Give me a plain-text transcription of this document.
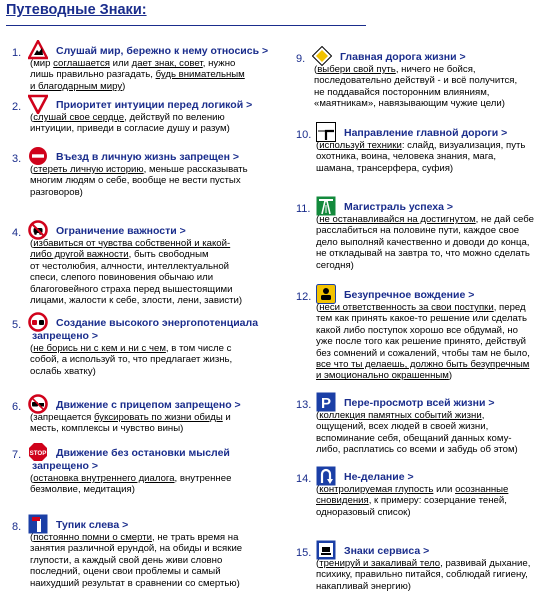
Путеводные Знаки:
1.	Слушай мир, бережно к нему относись >
(мир соглашается или дает знак, совет, нужно
лишь правильно разгадать, будь внимательным
и благодарным миру)
2.	Приоритет интуиции перед логикой >
(слушай свое сердце, действуй по велению
интуиции, приведи в согласие душу и разум)
3.	Въезд в личную жизнь запрещен >
(стереть личную историю, меньше рассказывать
многим людям о себе, вообще не вести пустых
разговоров)
4.	Ограничение важности >
(избавиться от чувства собственной и какой-
либо другой важности, быть свободным
от честолюбия, алчности, интеллектуальной
спеси, слепого повиновения обычаю или
благоговейного страха перед вышестоящими
лицами, жалости к себе, злости, лени, зависти)
5.	Создание высокого энергопотенциала
запрещено >
(не борись ни с кем и ни с чем, в том числе с
собой, а используй то, что предлагает жизнь,
ослабь хватку)
6.	Движение с прицепом запрещено >
(запрещается буксировать по жизни обиды и
месть, комплексы и чувство вины)
7. STOP Движение без остановки мыслей
запрещено >
(остановка внутреннего диалога, внутреннее
безмолвие, медитация)
8.	Тупик слева >
(постоянно помни о смерти, не трать время на
занятия различной ерундой, на обиды и всякие
глупости, а каждый свой день живи словно
последний, оцени свои проблемы и самый
наихудший результат в сравнении со смертью)
9.	Главная дорога жизни >
(выбери свой путь, ничего не бойся,
последовательно действуй - и всё получится,
не поддавайся посторонним влияниям,
«маятникам», навязывающим чужие цели)
10.	Направление главной дороги >
(используй техники: слайд, визуализация, путь
охотника, воина, человека знания, мага,
шамана, трансерферa, суфия)
11.	Магистраль успеха >
(не останавливайся на достигнутом, не дай себе
расслабиться на половине пути, каждое свое
дело выполняй качественно и доводи до конца,
не откладывай на завтра то, что можно сделать
сегодня)
12.	Безупречное вождение >
(неси ответственность за свои поступки, перед
тем как принять какое-то решение или сделать
какой либо поступок хорошо все обдумай, но
уже после того как решение принято, действуй
без сомнений и сожалений, чтобы там не было,
все что ты делаешь, должно быть безупречным
и эмоционально окрашенным)
13. P Пере-просмотр всей жизни >
(коллекция памятных событий жизни,
ощущений, всех людей в своей жизни,
вспоминание себя, обещаний данных кому-
либо, расплатись со всеми и забудь об этом)
14.	Не-делание >
(контролируемая глупость или осознанные
сновидения, к примеру: созерцание теней,
одноразовый список)
15.	Знаки сервиса >
(тренируй и закаливай тело, развивай дыхание,
психику, правильно питайся, соблюдай гигиену,
накапливай энергию)
